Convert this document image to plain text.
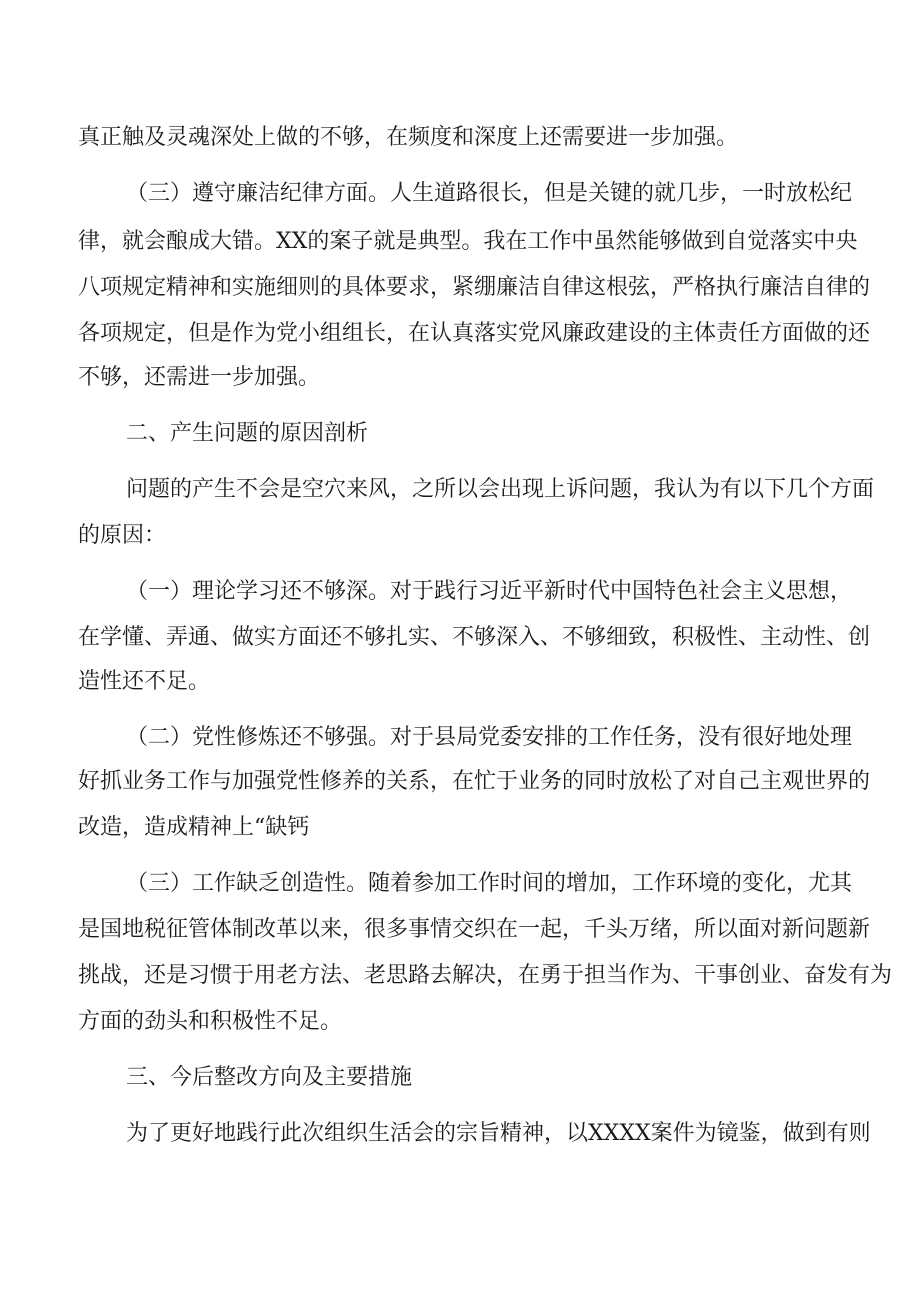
真正触及灵魂深处上做的不够，在频度和深度上还需要进一步加强。
（三）遵守廉洁纪律方面。人生道路很长，但是关键的就几步，一时放松纪
律，就会酿成大错。XX的案子就是典型。我在工作中虽然能够做到自觉落实中央
八项规定精神和实施细则的具体要求，紧绷廉洁自律这根弦，严格执行廉洁自律的
各项规定，但是作为党小组组长，在认真落实党风廉政建设的主体责任方面做的还
不够，还需进一步加强。
二、产生问题的原因剖析
问题的产生不会是空穴来风，之所以会出现上诉问题，我认为有以下几个方面
的原因：
（一）理论学习还不够深。对于践行习近平新时代中国特色社会主义思想，
在学懂、弄通、做实方面还不够扎实、不够深入、不够细致，积极性、主动性、创
造性还不足。
（二）党性修炼还不够强。对于县局党委安排的工作任务，没有很好地处理
好抓业务工作与加强党性修养的关系，在忙于业务的同时放松了对自己主观世界的
改造，造成精神上“缺钙
（三）工作缺乏创造性。随着参加工作时间的增加，工作环境的变化，尤其
是国地税征管体制改革以来，很多事情交织在一起，千头万绪，所以面对新问题新
挑战，还是习惯于用老方法、老思路去解决，在勇于担当作为、干事创业、奋发有为
方面的劲头和积极性不足。
三、今后整改方向及主要措施
为了更好地践行此次组织生活会的宗旨精神，以XXXX案件为镜鉴，做到有则
